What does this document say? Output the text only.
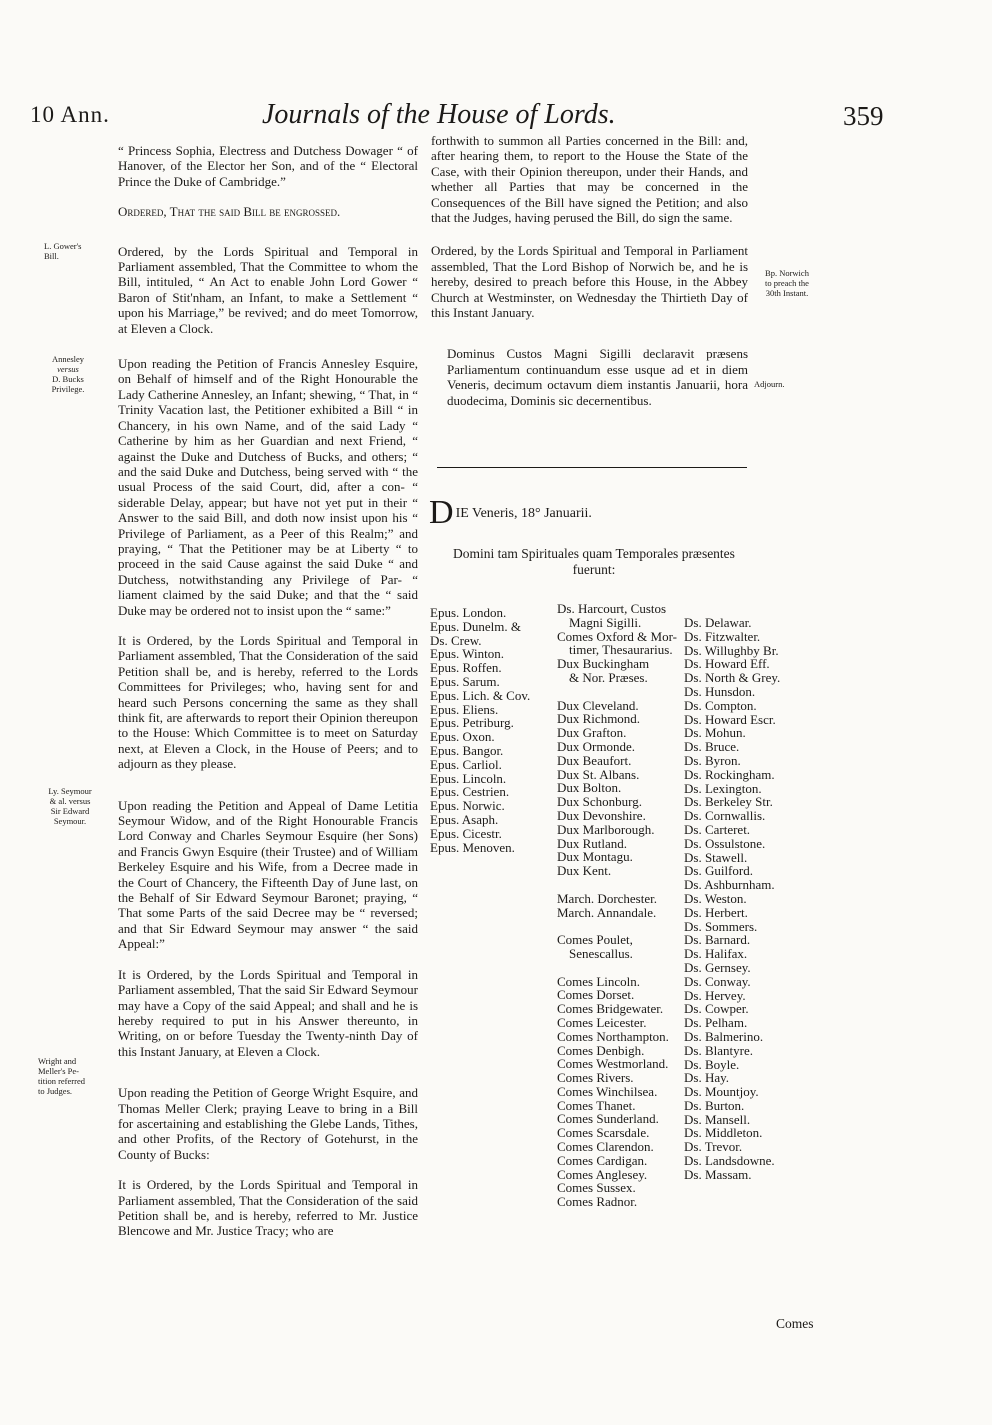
10 Ann.	Journals of the House of Lords.	359

“ Princess Sophia, Electress and Dutchess Dowager “ of Hanover, of the Elector her Son, and of the “ Electoral Prince the Duke of Cambridge.”

Ordered, That the said Bill be engrossed.

Ordered, by the Lords Spiritual and Temporal in Parliament assembled, That the Committee to whom the Bill, intituled, “ An Act to enable John Lord Gower “ Baron of Stit'nham, an Infant, to make a Settlement “ upon his Marriage,” be revived; and do meet Tomorrow, at Eleven a Clock.

Upon reading the Petition of Francis Annesley Esquire, on Behalf of himself and of the Right Honourable the Lady Catherine Annesley, an Infant; shewing, “ That, in “ Trinity Vacation last, the Petitioner exhibited a Bill “ in Chancery, in his own Name, and of the said Lady “ Catherine by him as her Guardian and next Friend, “ against the Duke and Dutchess of Bucks, and others; “ and the said Duke and Dutchess, being served with “ the usual Process of the said Court, did, after a con- “ siderable Delay, appear; but have not yet put in their “ Answer to the said Bill, and doth now insist upon his “ Privilege of Parliament, as a Peer of this Realm;” and praying, “ That the Petitioner may be at Liberty “ to proceed in the said Cause against the said Duke “ and Dutchess, notwithstanding any Privilege of Par- “ liament claimed by the said Duke; and that the “ said Duke may be ordered not to insist upon the “ same:”

It is Ordered, by the Lords Spiritual and Temporal in Parliament assembled, That the Consideration of the said Petition shall be, and is hereby, referred to the Lords Committees for Privileges; who, having sent for and heard such Persons concerning the same as they shall think fit, are afterwards to report their Opinion thereupon to the House: Which Committee is to meet on Saturday next, at Eleven a Clock, in the House of Peers; and to adjourn as they please.

Upon reading the Petition and Appeal of Dame Letitia Seymour Widow, and of the Right Honourable Francis Lord Conway and Charles Seymour Esquire (her Sons) and Francis Gwyn Esquire (their Trustee) and of William Berkeley Esquire and his Wife, from a Decree made in the Court of Chancery, the Fifteenth Day of June last, on the Behalf of Sir Edward Seymour Baronet; praying, “ That some Parts of the said Decree may be “ reversed; and that Sir Edward Seymour may answer “ the said Appeal:”

It is Ordered, by the Lords Spiritual and Temporal in Parliament assembled, That the said Sir Edward Seymour may have a Copy of the said Appeal; and shall and he is hereby required to put in his Answer thereunto, in Writing, on or before Tuesday the Twenty-ninth Day of this Instant January, at Eleven a Clock.

Upon reading the Petition of George Wright Esquire, and Thomas Meller Clerk; praying Leave to bring in a Bill for ascertaining and establishing the Glebe Lands, Tithes, and other Profits, of the Rectory of Gotehurst, in the County of Bucks:

It is Ordered, by the Lords Spiritual and Temporal in Parliament assembled, That the Consideration of the said Petition shall be, and is hereby, referred to Mr. Justice Blencowe and Mr. Justice Tracy; who are

L. Gower's
Bill.
Annesley
versus
D. Bucks
Privilege.
Ly. Seymour
& al. versus
Sir Edward
Seymour.
Wright and
Meller's Pe-
tition referred
to Judges.

forthwith to summon all Parties concerned in the Bill: and, after hearing them, to report to the House the State of the Case, with their Opinion thereupon, under their Hands, and whether all Parties that may be concerned in the Consequences of the Bill have signed the Petition; and also that the Judges, having perused the Bill, do sign the same.

Ordered, by the Lords Spiritual and Temporal in Parliament assembled, That the Lord Bishop of Norwich be, and he is hereby, desired to preach before this House, in the Abbey Church at Westminster, on Wednesday the Thirtieth Day of this Instant January.

Dominus Custos Magni Sigilli declaravit præsens Parliamentum continuandum esse usque ad et in diem Veneris, decimum octavum diem instantis Januarii, hora duodecima, Dominis sic decernentibus.

Bp. Norwich
to preach the
30th Instant.
Adjourn.
DIE Veneris, 18° Januarii.
Domini tam Spirituales quam Temporales præsentes fuerunt:
Epus. London.
Epus. Dunelm. &
Ds. Crew.
Epus. Winton.
Epus. Roffen.
Epus. Sarum.
Epus. Lich. & Cov.
Epus. Eliens.
Epus. Petriburg.
Epus. Oxon.
Epus. Bangor.
Epus. Carliol.
Epus. Lincoln.
Epus. Cestrien.
Epus. Norwic.
Epus. Asaph.
Epus. Cicestr.
Epus. Menoven.
Ds. Harcourt, Custos
Magni Sigilli.
Comes Oxford & Mor-
timer, Thesaurarius.
Dux Buckingham
& Nor. Præses.
Dux Cleveland.
Dux Richmond.
Dux Grafton.
Dux Ormonde.
Dux Beaufort.
Dux St. Albans.
Dux Bolton.
Dux Schonburg.
Dux Devonshire.
Dux Marlborough.
Dux Rutland.
Dux Montagu.
Dux Kent.
March. Dorchester.
March. Annandale.
Comes Poulet,
Senescallus.
Comes Lincoln.
Comes Dorset.
Comes Bridgewater.
Comes Leicester.
Comes Northampton.
Comes Denbigh.
Comes Westmorland.
Comes Rivers.
Comes Winchilsea.
Comes Thanet.
Comes Sunderland.
Comes Scarsdale.
Comes Clarendon.
Comes Cardigan.
Comes Anglesey.
Comes Sussex.
Comes Radnor.
Ds. Delawar.
Ds. Fitzwalter.
Ds. Willughby Br.
Ds. Howard Eff.
Ds. North & Grey.
Ds. Hunsdon.
Ds. Compton.
Ds. Howard Escr.
Ds. Mohun.
Ds. Bruce.
Ds. Byron.
Ds. Rockingham.
Ds. Lexington.
Ds. Berkeley Str.
Ds. Cornwallis.
Ds. Carteret.
Ds. Ossulstone.
Ds. Stawell.
Ds. Guilford.
Ds. Ashburnham.
Ds. Weston.
Ds. Herbert.
Ds. Sommers.
Ds. Barnard.
Ds. Halifax.
Ds. Gernsey.
Ds. Conway.
Ds. Hervey.
Ds. Cowper.
Ds. Pelham.
Ds. Balmerino.
Ds. Blantyre.
Ds. Boyle.
Ds. Hay.
Ds. Mountjoy.
Ds. Burton.
Ds. Mansell.
Ds. Middleton.
Ds. Trevor.
Ds. Landsdowne.
Ds. Massam.
Comes
